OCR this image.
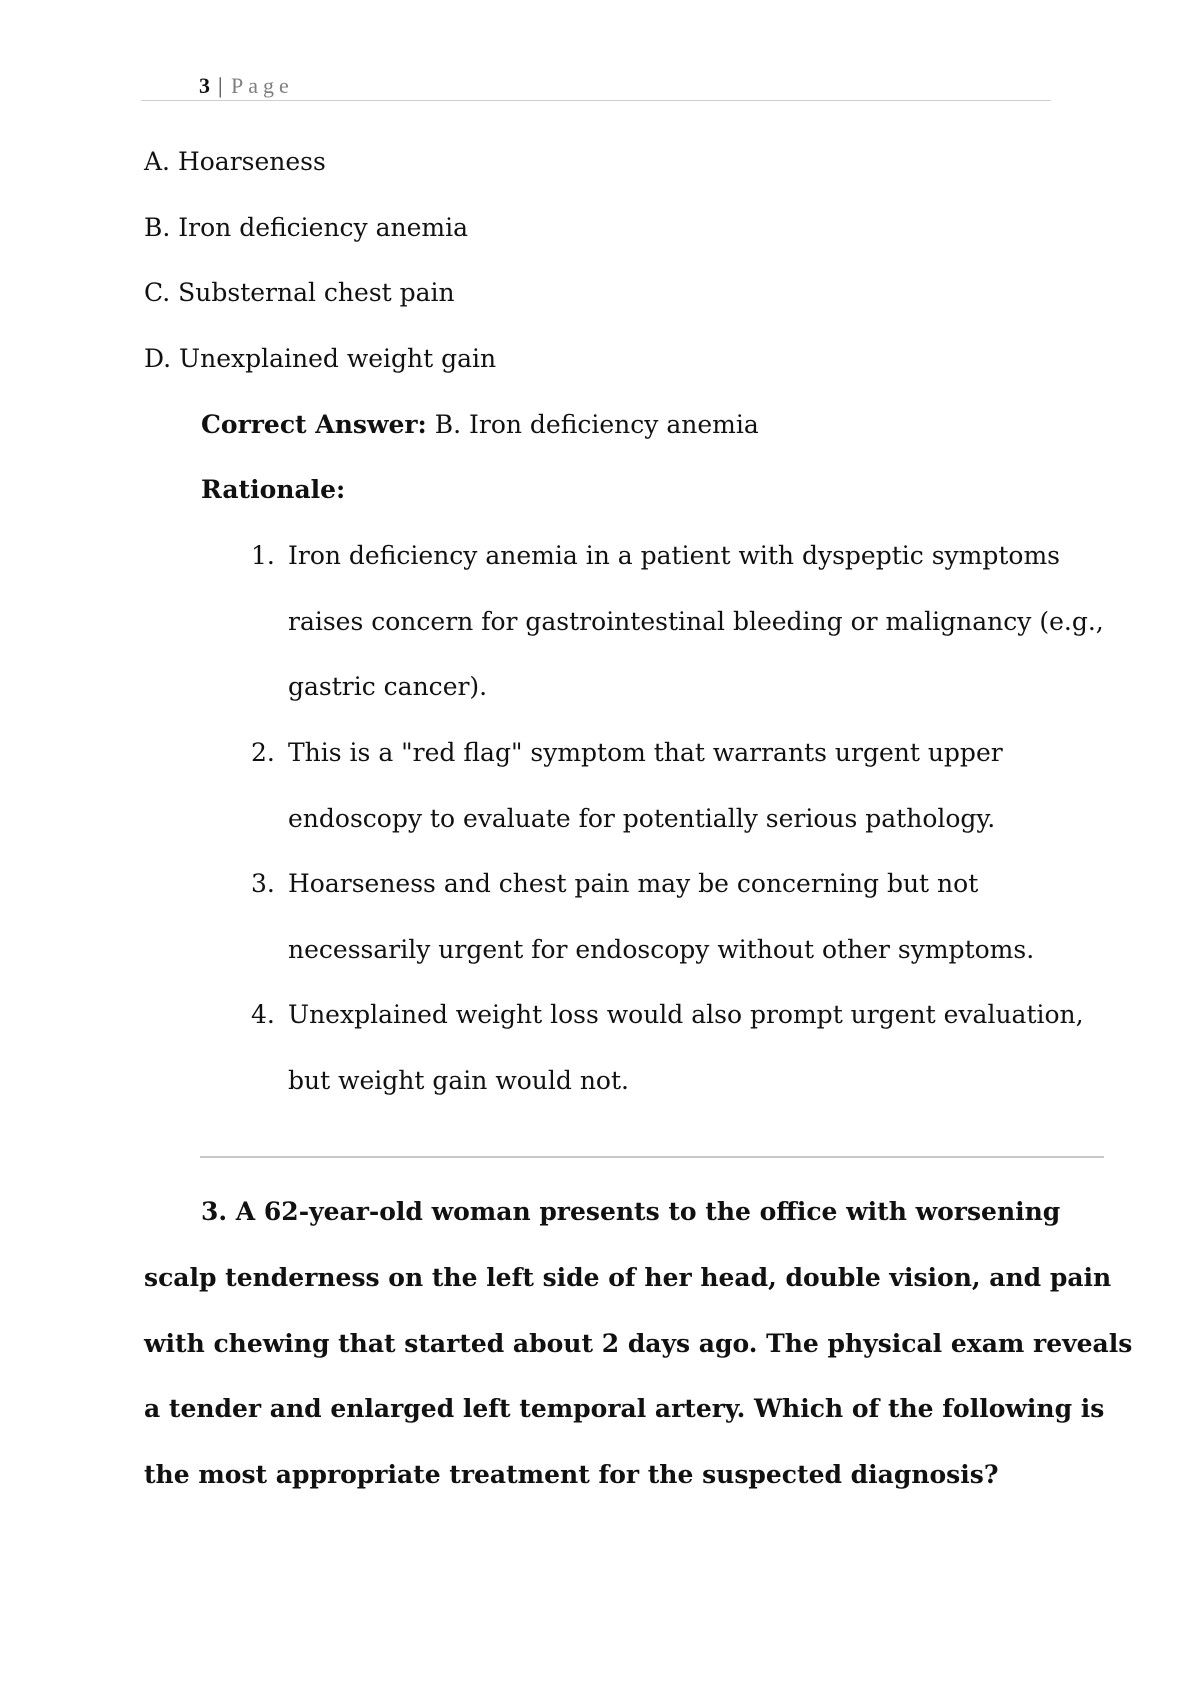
3 | Page
A. Hoarseness
B. Iron deficiency anemia
C. Substernal chest pain
D. Unexplained weight gain
Correct Answer: B. Iron deficiency anemia
Rationale:
1. Iron deficiency anemia in a patient with dyspeptic symptoms
raises concern for gastrointestinal bleeding or malignancy (e.g.,
gastric cancer).
2. This is a "red flag" symptom that warrants urgent upper
endoscopy to evaluate for potentially serious pathology.
3. Hoarseness and chest pain may be concerning but not
necessarily urgent for endoscopy without other symptoms.
4. Unexplained weight loss would also prompt urgent evaluation,
but weight gain would not.
3. A 62-year-old woman presents to the office with worsening
scalp tenderness on the left side of her head, double vision, and pain
with chewing that started about 2 days ago. The physical exam reveals
a tender and enlarged left temporal artery. Which of the following is
the most appropriate treatment for the suspected diagnosis?
